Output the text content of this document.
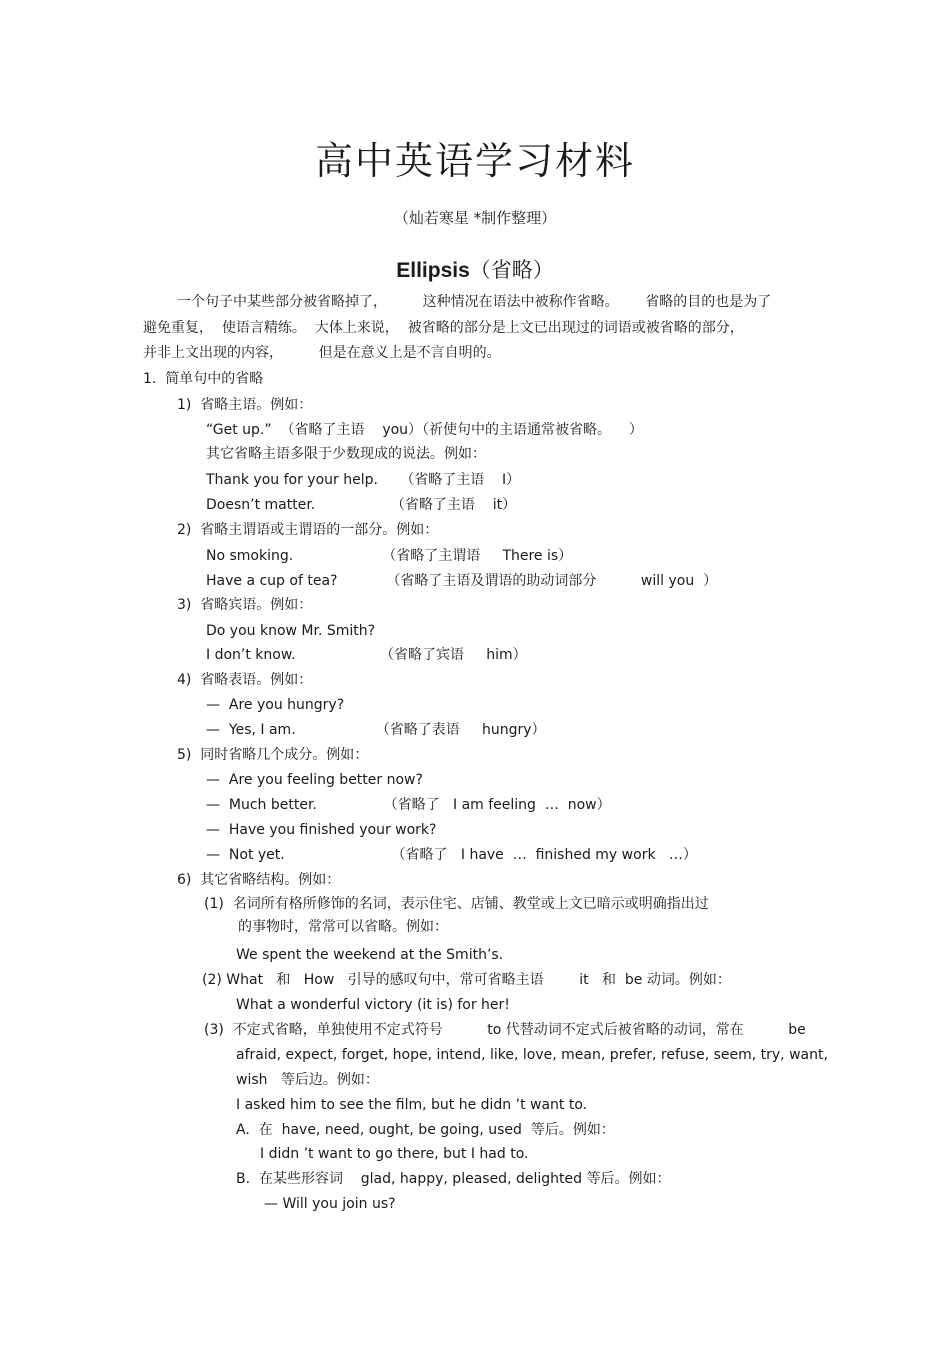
高中英语学习材料
（灿若寒星 *制作整理）
Ellipsis（省略）
一个句子中某些部分被省略掉了，        这种情况在语法中被称作省略。      省略的目的也是为了
避免重复，  使语言精练。  大体上来说，  被省略的部分是上文已出现过的词语或被省略的部分，
并非上文出现的内容，        但是在意义上是不言自明的。
1.  简单句中的省略
1)  省略主语。例如：
“Get up.”  （省略了主语    you）（祈使句中的主语通常被省略。    ）
其它省略主语多限于少数现成的说法。例如：
Thank you for your help.     （省略了主语    I）
Doesn’t matter.                 （省略了主语    it）
2)  省略主谓语或主谓语的一部分。例如：
No smoking.                    （省略了主谓语     There is）
Have a cup of tea?           （省略了主语及谓语的助动词部分          will you  ）
3)  省略宾语。例如：
Do you know Mr. Smith?
I don’t know.                   （省略了宾语     him）
4)  省略表语。例如：
—  Are you hungry?
—  Yes, I am.                  （省略了表语     hungry）
5)  同时省略几个成分。例如：
—  Are you feeling better now?
—  Much better.               （省略了   I am feeling  …  now）
—  Have you finished your work?
—  Not yet.                        （省略了   I have  …  finished my work   …）
6)  其它省略结构。例如：
(1)  名词所有格所修饰的名词，表示住宅、店铺、教堂或上文已暗示或明确指出过
的事物时，常常可以省略。例如：
We spent the weekend at the Smith’s.
(2) What   和   How   引导的感叹句中，常可省略主语        it   和  be 动词。例如：
What a wonderful victory (it is) for her!
(3)  不定式省略，单独使用不定式符号          to 代替动词不定式后被省略的动词，常在          be
afraid, expect, forget, hope, intend, like, love, mean, prefer, refuse, seem, try, want,
wish   等后边。例如：
I asked him to see the film, but he didn ’t want to.
A.  在  have, need, ought, be going, used  等后。例如：
I didn ’t want to go there, but I had to.
B.  在某些形容词    glad, happy, pleased, delighted 等后。例如：
— Will you join us?
